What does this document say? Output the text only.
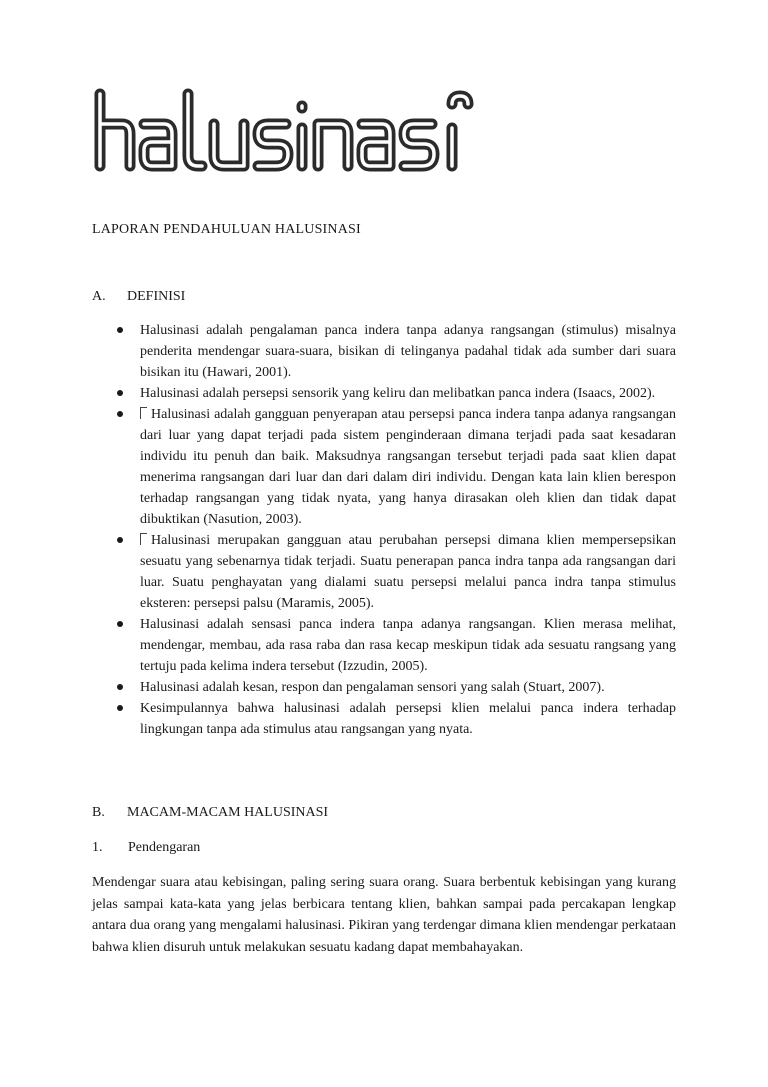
LAPORAN PENDAHULUAN HALUSINASI
A. DEFINISI
Halusinasi adalah pengalaman panca indera tanpa adanya rangsangan (stimulus) misalnya penderita mendengar suara-suara, bisikan di telinganya padahal tidak ada sumber dari suara bisikan itu (Hawari, 2001).
Halusinasi adalah persepsi sensorik yang keliru dan melibatkan panca indera (Isaacs, 2002).
Halusinasi adalah gangguan penyerapan atau persepsi panca indera tanpa adanya rangsangan dari luar yang dapat terjadi pada sistem penginderaan dimana terjadi pada saat kesadaran individu itu penuh dan baik. Maksudnya rangsangan tersebut terjadi pada saat klien dapat menerima rangsangan dari luar dan dari dalam diri individu. Dengan kata lain klien berespon terhadap rangsangan yang tidak nyata, yang hanya dirasakan oleh klien dan tidak dapat dibuktikan (Nasution, 2003).
Halusinasi merupakan gangguan atau perubahan persepsi dimana klien mempersepsikan sesuatu yang sebenarnya tidak terjadi. Suatu penerapan panca indra tanpa ada rangsangan dari luar. Suatu penghayatan yang dialami suatu persepsi melalui panca indra tanpa stimulus eksteren: persepsi palsu (Maramis, 2005).
Halusinasi adalah sensasi panca indera tanpa adanya rangsangan. Klien merasa melihat, mendengar, membau, ada rasa raba dan rasa kecap meskipun tidak ada sesuatu rangsang yang tertuju pada kelima indera tersebut (Izzudin, 2005).
Halusinasi adalah kesan, respon dan pengalaman sensori yang salah (Stuart, 2007).
Kesimpulannya bahwa halusinasi adalah persepsi klien melalui panca indera terhadap lingkungan tanpa ada stimulus atau rangsangan yang nyata.
B. MACAM-MACAM HALUSINASI
1. Pendengaran

Mendengar suara atau kebisingan, paling sering suara orang. Suara berbentuk kebisingan yang kurang jelas sampai kata-kata yang jelas berbicara tentang klien, bahkan sampai pada percakapan lengkap antara dua orang yang mengalami halusinasi. Pikiran yang terdengar dimana klien mendengar perkataan bahwa klien disuruh untuk melakukan sesuatu kadang dapat membahayakan.
